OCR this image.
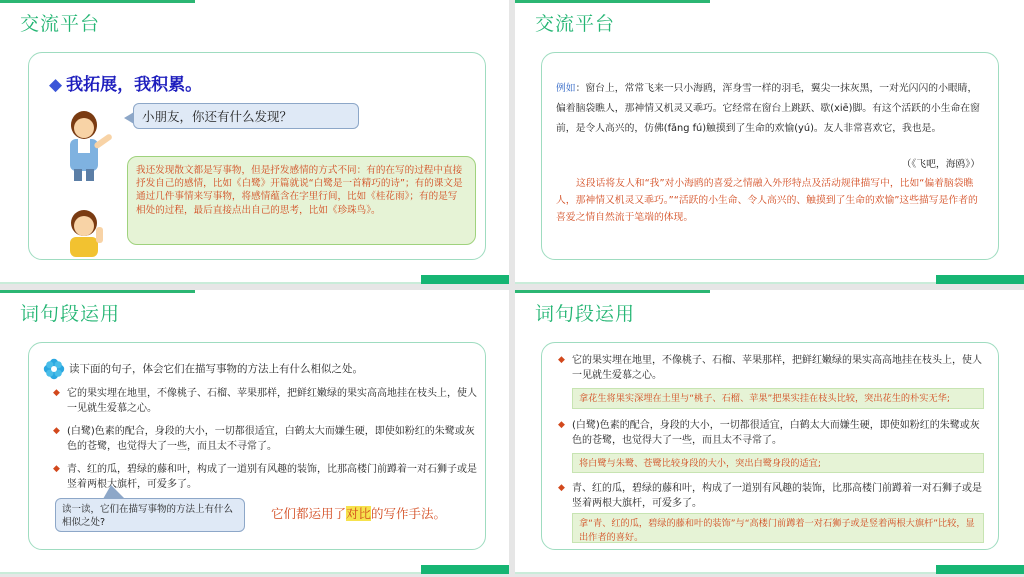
交流平台
◆ 我拓展，我积累。
小朋友，你还有什么发现？
我还发现散文都是写事物，但是抒发感情的方式不同：有的在写的过程中直接抒发自己的感情，比如《白鹭》开篇就说“白鹭是一首精巧的诗”；有的课文是通过几件事情来写事物，将感情蕴含在字里行间，比如《桂花雨》；有的是写相处的过程，最后直接点出自己的思考，比如《珍珠鸟》。
交流平台
例如：窗台上，常常飞来一只小海鸥，浑身雪一样的羽毛，翼尖一抹灰黑，一对光闪闪的小眼睛，偏着脑袋瞧人，那神情又机灵又乖巧。它经常在窗台上跳跃、歇(xiē)脚。有这个活跃的小生命在窗前，是令人高兴的，仿佛(fǎng fú)触摸到了生命的欢愉(yú)。友人非常喜欢它，我也是。
（《飞吧，海鸥》）
这段话将友人和“我”对小海鸥的喜爱之情融入外形特点及活动规律描写中，比如“偏着脑袋瞧人，那神情又机灵又乖巧。”“活跃的小生命、令人高兴的、触摸到了生命的欢愉”这些描写是作者的喜爱之情自然流于笔端的体现。
词句段运用
读下面的句子，体会它们在描写事物的方法上有什么相似之处。
◆ 它的果实埋在地里，不像桃子、石榴、苹果那样，把鲜红嫩绿的果实高高地挂在枝头上，使人一见就生爱慕之心。
◆ (白鹭)色素的配合，身段的大小，一切都很适宜，白鹤太大而嫌生硬，即使如粉红的朱鹭或灰色的苍鹭，也觉得大了一些，而且太不寻常了。
◆ 青、红的瓜，碧绿的藤和叶，构成了一道别有风趣的装饰，比那高楼门前蹲着一对石狮子或是竖着两根大旗杆，可爱多了。
读一读，它们在描写事物的方法上有什么相似之处?
它们都运用了对比的写作手法。
词句段运用
◆ 它的果实埋在地里，不像桃子、石榴、苹果那样，把鲜红嫩绿的果实高高地挂在枝头上，使人一见就生爱慕之心。
拿花生将果实深埋在土里与“桃子、石榴、苹果”把果实挂在枝头比较，突出花生的朴实无华;
◆ (白鹭)色素的配合，身段的大小，一切都很适宜，白鹤太大而嫌生硬，即使如粉红的朱鹭或灰色的苍鹭，也觉得大了一些，而且太不寻常了。
将白鹭与朱鹭、苍鹭比较身段的大小，突出白鹭身段的适宜;
◆ 青、红的瓜，碧绿的藤和叶，构成了一道别有风趣的装饰，比那高楼门前蹲着一对石狮子或是竖着两根大旗杆，可爱多了。
拿“青、红的瓜，碧绿的藤和叶的装饰”与“高楼门前蹲着一对石狮子或是竖着两根大旗杆”比较，显出作者的喜好。
